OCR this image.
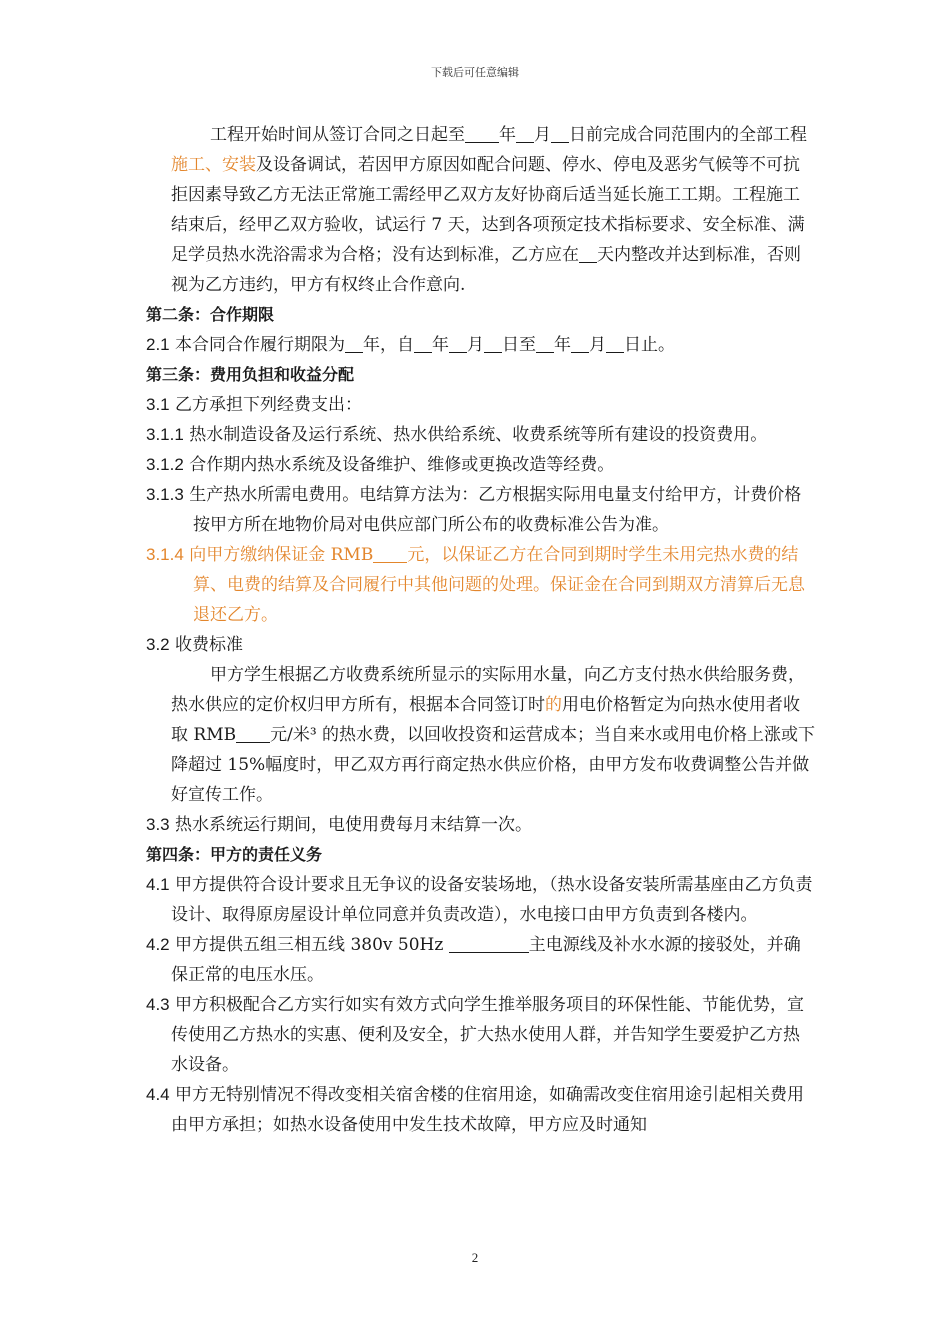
下载后可任意编辑

工程开始时间从签订合同之日起至 年 月 日前完成合同范围内的全部工程施工、安装及设备调试，若因甲方原因如配合问题、停水、停电及恶劣气候等不可抗拒因素导致乙方无法正常施工需经甲乙双方友好协商后适当延长施工工期。工程施工结束后，经甲乙双方验收，试运行 7 天，达到各项预定技术指标要求、安全标准、满足学员热水洗浴需求为合格；没有达到标准，乙方应在 天内整改并达到标准，否则视为乙方违约，甲方有权终止合作意向.

第二条：合作期限

2.1 本合同合作履行期限为 年，自 年 月 日至 年 月 日止。

第三条：费用负担和收益分配

3.1 乙方承担下列经费支出：

3.1.1 热水制造设备及运行系统、热水供给系统、收费系统等所有建设的投资费用。

3.1.2 合作期内热水系统及设备维护、维修或更换改造等经费。

3.1.3 生产热水所需电费用。电结算方法为：乙方根据实际用电量支付给甲方，计费价格按甲方所在地物价局对电供应部门所公布的收费标准公告为准。

3.1.4 向甲方缴纳保证金 RMB 元，以保证乙方在合同到期时学生未用完热水费的结算、电费的结算及合同履行中其他问题的处理。保证金在合同到期双方清算后无息退还乙方。

3.2 收费标准

甲方学生根据乙方收费系统所显示的实际用水量，向乙方支付热水供给服务费，热水供应的定价权归甲方所有，根据本合同签订时的用电价格暂定为向热水使用者收取 RMB 元/米³ 的热水费，以回收投资和运营成本；当自来水或用电价格上涨或下降超过 15%幅度时，甲乙双方再行商定热水供应价格，由甲方发布收费调整公告并做好宣传工作。

3.3 热水系统运行期间，电使用费每月末结算一次。

第四条：甲方的责任义务

4.1 甲方提供符合设计要求且无争议的设备安装场地，（热水设备安装所需基座由乙方负责设计、取得原房屋设计单位同意并负责改造），水电接口由甲方负责到各楼内。

4.2 甲方提供五组三相五线 380v 50Hz	主电源线及补水水源的接驳处，并确保正常的电压水压。

4.3 甲方积极配合乙方实行如实有效方式向学生推举服务项目的环保性能、节能优势，宣传使用乙方热水的实惠、便利及安全，扩大热水使用人群，并告知学生要爱护乙方热水设备。

4.4 甲方无特别情况不得改变相关宿舍楼的住宿用途，如确需改变住宿用途引起相关费用由甲方承担；如热水设备使用中发生技术故障，甲方应及时通知

2
